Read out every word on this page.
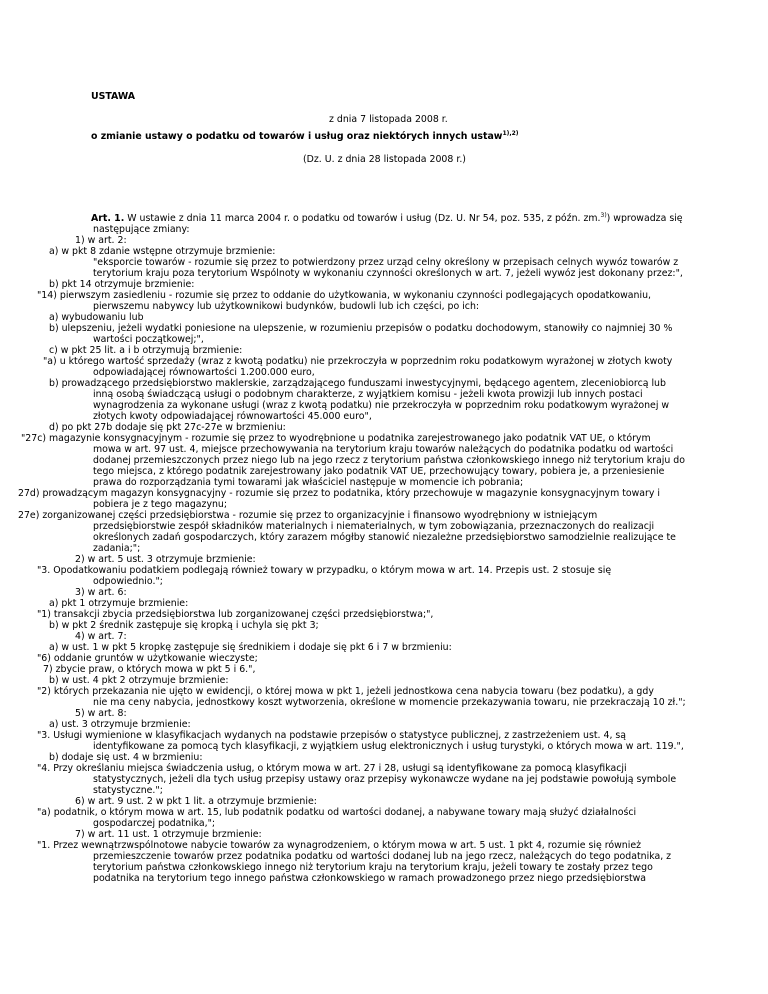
USTAWA
z dnia 7 listopada 2008 r.
o zmianie ustawy o podatku od towarów i usług oraz niektórych innych ustaw$^{1),2)}$
(Dz. U. z dnia 28 listopada 2008 r.)
Art. 1. W ustawie z dnia 11 marca 2004 r. o podatku od towarów i usług (Dz. U. Nr 54, poz. 535, z późn. zm.$^{3)}$) wprowadza się
następujące zmiany:
1) w art. 2:
a) w pkt 8 zdanie wstępne otrzymuje brzmienie:
"eksporcie towarów - rozumie się przez to potwierdzony przez urząd celny określony w przepisach celnych wywóz towarów z
terytorium kraju poza terytorium Wspólnoty w wykonaniu czynności określonych w art. 7, jeżeli wywóz jest dokonany przez:",
b) pkt 14 otrzymuje brzmienie:
"14) pierwszym zasiedleniu - rozumie się przez to oddanie do użytkowania, w wykonaniu czynności podlegających opodatkowaniu,
pierwszemu nabywcy lub użytkownikowi budynków, budowli lub ich części, po ich:
a) wybudowaniu lub
b) ulepszeniu, jeżeli wydatki poniesione na ulepszenie, w rozumieniu przepisów o podatku dochodowym, stanowiły co najmniej 30 %
wartości początkowej;",
c) w pkt 25 lit. a i b otrzymują brzmienie:
"a) u którego wartość sprzedaży (wraz z kwotą podatku) nie przekroczyła w poprzednim roku podatkowym wyrażonej w złotych kwoty
odpowiadającej równowartości 1.200.000 euro,
b) prowadzącego przedsiębiorstwo maklerskie, zarządzającego funduszami inwestycyjnymi, będącego agentem, zleceniobiorcą lub
inną osobą świadczącą usługi o podobnym charakterze, z wyjątkiem komisu - jeżeli kwota prowizji lub innych postaci
wynagrodzenia za wykonane usługi (wraz z kwotą podatku) nie przekroczyła w poprzednim roku podatkowym wyrażonej w
złotych kwoty odpowiadającej równowartości 45.000 euro",
d) po pkt 27b dodaje się pkt 27c-27e w brzmieniu:
"27c) magazynie konsygnacyjnym - rozumie się przez to wyodrębnione u podatnika zarejestrowanego jako podatnik VAT UE, o którym
mowa w art. 97 ust. 4, miejsce przechowywania na terytorium kraju towarów należących do podatnika podatku od wartości
dodanej przemieszczonych przez niego lub na jego rzecz z terytorium państwa członkowskiego innego niż terytorium kraju do
tego miejsca, z którego podatnik zarejestrowany jako podatnik VAT UE, przechowujący towary, pobiera je, a przeniesienie
prawa do rozporządzania tymi towarami jak właściciel następuje w momencie ich pobrania;
27d) prowadzącym magazyn konsygnacyjny - rozumie się przez to podatnika, który przechowuje w magazynie konsygnacyjnym towary i
pobiera je z tego magazynu;
27e) zorganizowanej części przedsiębiorstwa - rozumie się przez to organizacyjnie i finansowo wyodrębniony w istniejącym
przedsiębiorstwie zespół składników materialnych i niematerialnych, w tym zobowiązania, przeznaczonych do realizacji
określonych zadań gospodarczych, który zarazem mógłby stanowić niezależne przedsiębiorstwo samodzielnie realizujące te
zadania;";
2) w art. 5 ust. 3 otrzymuje brzmienie:
"3. Opodatkowaniu podatkiem podlegają również towary w przypadku, o którym mowa w art. 14. Przepis ust. 2 stosuje się
odpowiednio.";
3) w art. 6:
a) pkt 1 otrzymuje brzmienie:
"1) transakcji zbycia przedsiębiorstwa lub zorganizowanej części przedsiębiorstwa;",
b) w pkt 2 średnik zastępuje się kropką i uchyla się pkt 3;
4) w art. 7:
a) w ust. 1 w pkt 5 kropkę zastępuje się średnikiem i dodaje się pkt 6 i 7 w brzmieniu:
"6) oddanie gruntów w użytkowanie wieczyste;
7) zbycie praw, o których mowa w pkt 5 i 6.",
b) w ust. 4 pkt 2 otrzymuje brzmienie:
"2) których przekazania nie ujęto w ewidencji, o której mowa w pkt 1, jeżeli jednostkowa cena nabycia towaru (bez podatku), a gdy
nie ma ceny nabycia, jednostkowy koszt wytworzenia, określone w momencie przekazywania towaru, nie przekraczają 10 zł.";
5) w art. 8:
a) ust. 3 otrzymuje brzmienie:
"3. Usługi wymienione w klasyfikacjach wydanych na podstawie przepisów o statystyce publicznej, z zastrzeżeniem ust. 4, są
identyfikowane za pomocą tych klasyfikacji, z wyjątkiem usług elektronicznych i usług turystyki, o których mowa w art. 119.",
b) dodaje się ust. 4 w brzmieniu:
"4. Przy określaniu miejsca świadczenia usług, o którym mowa w art. 27 i 28, usługi są identyfikowane za pomocą klasyfikacji
statystycznych, jeżeli dla tych usług przepisy ustawy oraz przepisy wykonawcze wydane na jej podstawie powołują symbole
statystyczne.";
6) w art. 9 ust. 2 w pkt 1 lit. a otrzymuje brzmienie:
"a) podatnik, o którym mowa w art. 15, lub podatnik podatku od wartości dodanej, a nabywane towary mają służyć działalności
gospodarczej podatnika,";
7) w art. 11 ust. 1 otrzymuje brzmienie:
"1. Przez wewnątrzwspólnotowe nabycie towarów za wynagrodzeniem, o którym mowa w art. 5 ust. 1 pkt 4, rozumie się również
przemieszczenie towarów przez podatnika podatku od wartości dodanej lub na jego rzecz, należących do tego podatnika, z
terytorium państwa członkowskiego innego niż terytorium kraju na terytorium kraju, jeżeli towary te zostały przez tego
podatnika na terytorium tego innego państwa członkowskiego w ramach prowadzonego przez niego przedsiębiorstwa
